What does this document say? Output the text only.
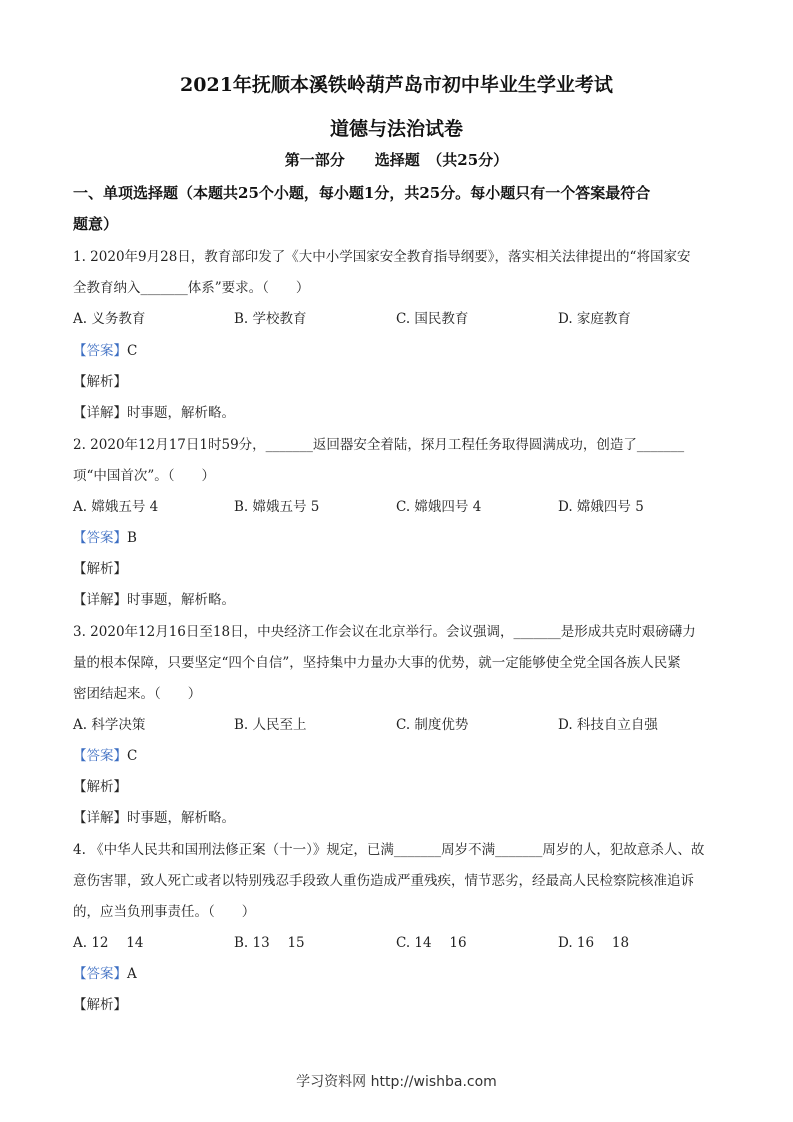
2021年抚顺本溪铁岭葫芦岛市初中毕业生学业考试
道德与法治试卷
第一部分　　选择题　（共25分）
一、单项选择题（本题共25个小题，每小题1分，共25分。每小题只有一个答案最符合
题意）
1. 2020年9月28日，教育部印发了《大中小学国家安全教育指导纲要》，落实相关法律提出的“将国家安
全教育纳入_______体系”要求。（　　）
A. 义务教育	B. 学校教育	C. 国民教育	D. 家庭教育
【答案】C
【解析】
【详解】时事题，解析略。
2. 2020年12月17日1时59分，_______返回器安全着陆，探月工程任务取得圆满成功，创造了_______
项“中国首次”。（　　）
A. 嫦娥五号 4	B. 嫦娥五号 5	C. 嫦娥四号 4	D. 嫦娥四号 5
【答案】B
【解析】
【详解】时事题，解析略。
3. 2020年12月16日至18日，中央经济工作会议在北京举行。会议强调，_______是形成共克时艰磅礴力
量的根本保障，只要坚定“四个自信”，坚持集中力量办大事的优势，就一定能够使全党全国各族人民紧
密团结起来。（　　）
A. 科学决策	B. 人民至上	C. 制度优势	D. 科技自立自强
【答案】C
【解析】
【详解】时事题，解析略。
4. 《中华人民共和国刑法修正案（十一）》规定，已满_______周岁不满_______周岁的人，犯故意杀人、故
意伤害罪，致人死亡或者以特别残忍手段致人重伤造成严重残疾，情节恶劣，经最高人民检察院核准追诉
的，应当负刑事责任。（　　）
A. 12　 14	B. 13　 15	C. 14　 16	D. 16　 18
【答案】A
【解析】
学习资料网 http://wishba.com
